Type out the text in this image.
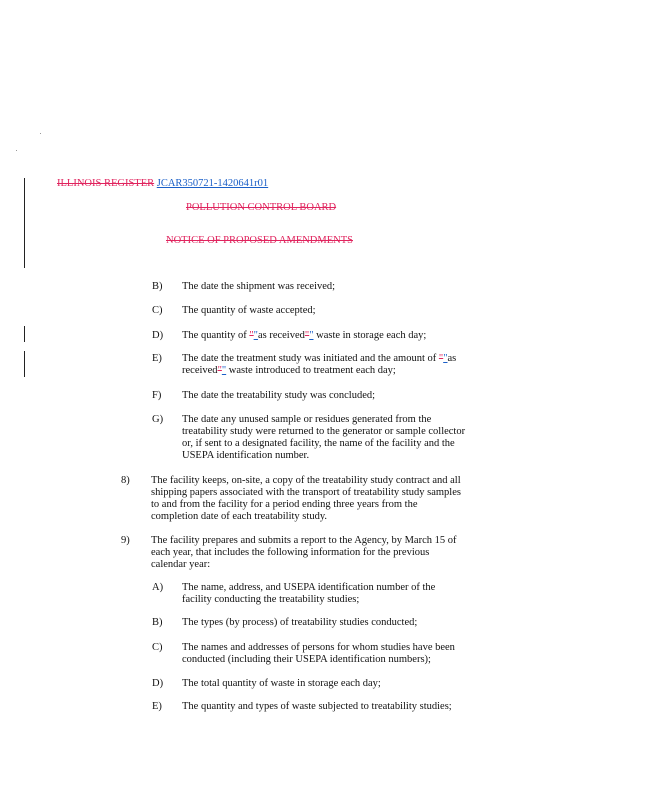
ILLINOIS REGISTER JCAR350721-1420641r01
POLLUTION CONTROL BOARD
NOTICE OF PROPOSED AMENDMENTS
B) The date the shipment was received;
C) The quantity of waste accepted;
D) The quantity of ""as received"" waste in storage each day;
E) The date the treatment study was initiated and the amount of ""as
received"" waste introduced to treatment each day;
F) The date the treatability study was concluded;
G) The date any unused sample or residues generated from the
treatability study were returned to the generator or sample collector
or, if sent to a designated facility, the name of the facility and the
USEPA identification number.
8) The facility keeps, on-site, a copy of the treatability study contract and all
shipping papers associated with the transport of treatability study samples
to and from the facility for a period ending three years from the
completion date of each treatability study.
9) The facility prepares and submits a report to the Agency, by March 15 of
each year, that includes the following information for the previous
calendar year:
A) The name, address, and USEPA identification number of the
facility conducting the treatability studies;
B) The types (by process) of treatability studies conducted;
C) The names and addresses of persons for whom studies have been
conducted (including their USEPA identification numbers);
D) The total quantity of waste in storage each day;
E) The quantity and types of waste subjected to treatability studies;
